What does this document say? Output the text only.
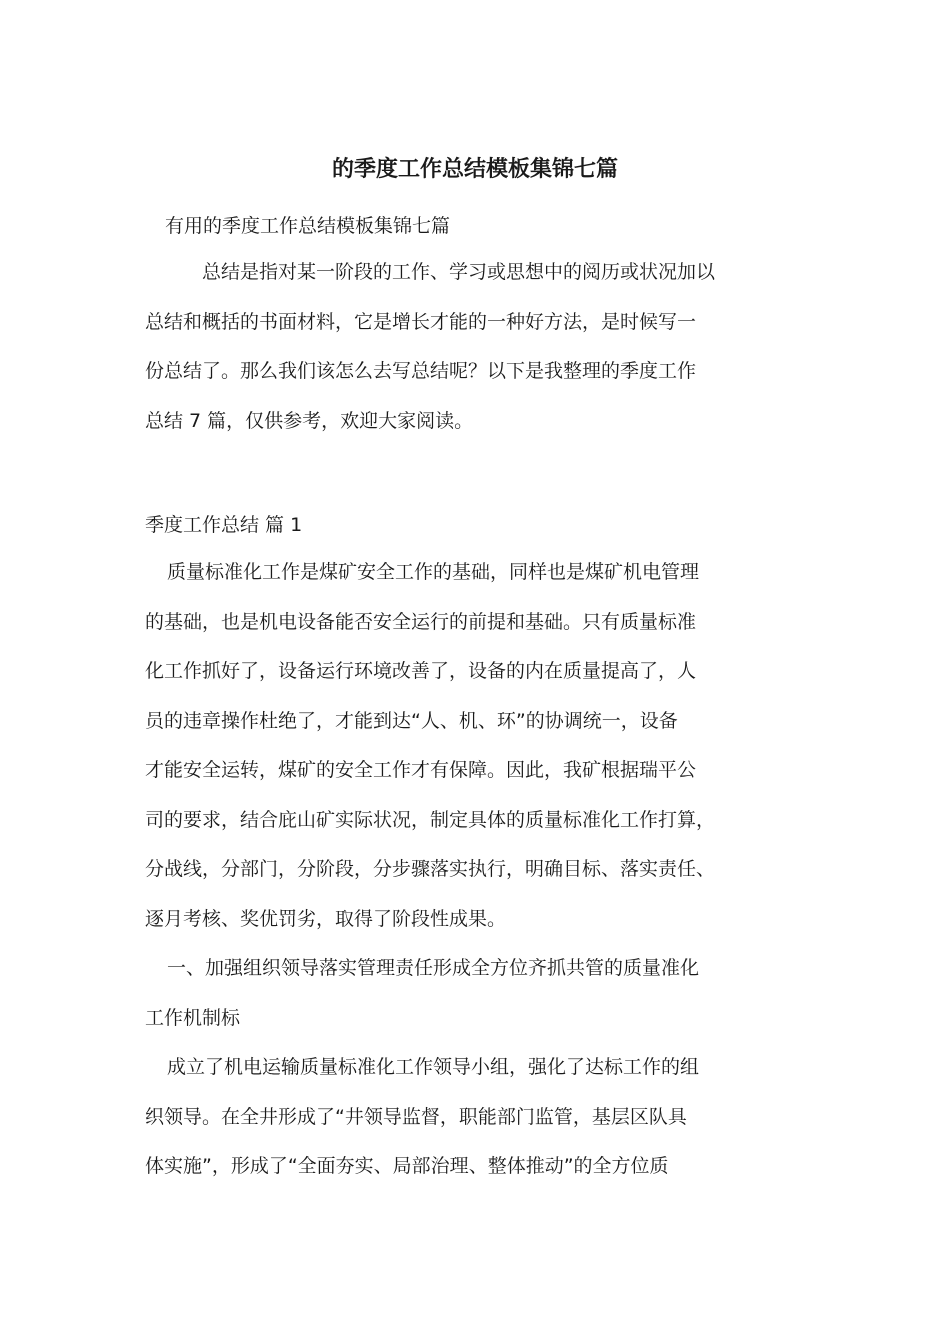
的季度工作总结模板集锦七篇

有用的季度工作总结模板集锦七篇

总结是指对某一阶段的工作、学习或思想中的阅历或状况加以
总结和概括的书面材料，它是增长才能的一种好方法，是时候写一
份总结了。那么我们该怎么去写总结呢？以下是我整理的季度工作
总结 7 篇，仅供参考，欢迎大家阅读。
季度工作总结 篇 1
质量标准化工作是煤矿安全工作的基础，同样也是煤矿机电管理
的基础，也是机电设备能否安全运行的前提和基础。只有质量标准
化工作抓好了，设备运行环境改善了，设备的内在质量提高了，人
员的违章操作杜绝了，才能到达“人、机、环”的协调统一，设备
才能安全运转，煤矿的安全工作才有保障。因此，我矿根据瑞平公
司的要求，结合庇山矿实际状况，制定具体的质量标准化工作打算，
分战线，分部门，分阶段，分步骤落实执行，明确目标、落实责任、
逐月考核、奖优罚劣，取得了阶段性成果。
一、加强组织领导落实管理责任形成全方位齐抓共管的质量准化
工作机制标
成立了机电运输质量标准化工作领导小组，强化了达标工作的组
织领导。在全井形成了“井领导监督，职能部门监管，基层区队具
体实施”，形成了“全面夯实、局部治理、整体推动”的全方位质
